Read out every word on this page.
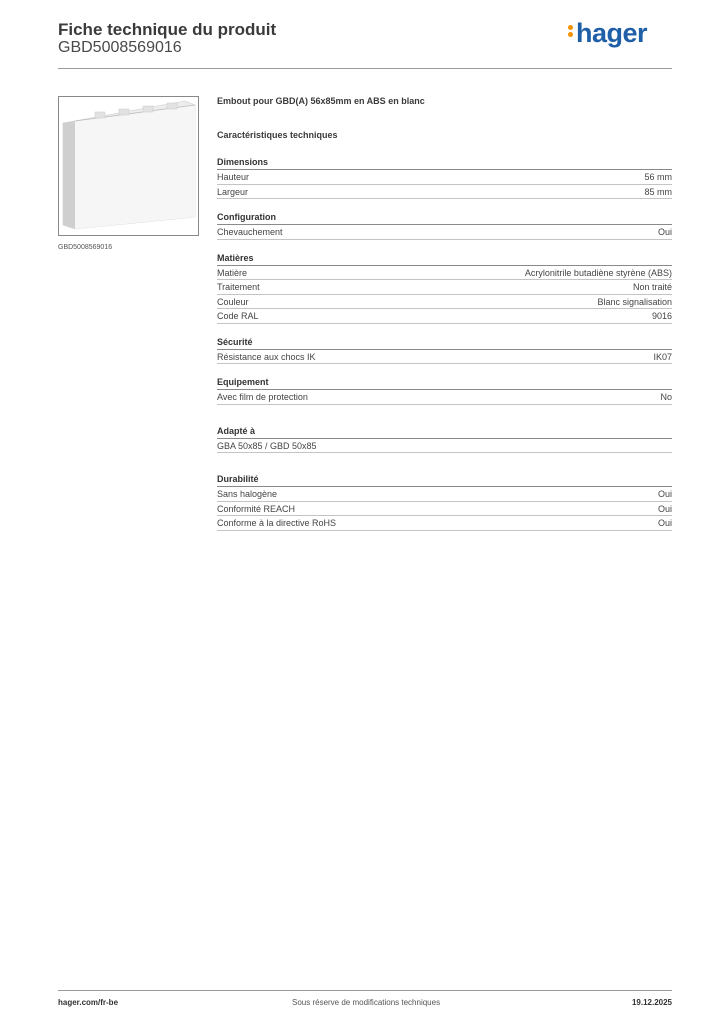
Fiche technique du produit
GBD5008569016	hager
GBD5008569016
Embout pour GBD(A) 56x85mm en ABS en blanc
Caractéristiques techniques
Dimensions
Hauteur	56 mm
Largeur	85 mm
Configuration
Chevauchement	Oui
Matières
Matière	Acrylonitrile butadiène styrène (ABS)
Traitement	Non traité
Couleur	Blanc signalisation
Code RAL	9016
Sécurité
Résistance aux chocs IK	IK07
Equipement
Avec film de protection	No
Adapté à
GBA 50x85 / GBD 50x85
Durabilité
Sans halogène	Oui
Conformité REACH	Oui
Conforme à la directive RoHS	Oui
hager.com/fr-be	Sous réserve de modifications techniques	19.12.2025
